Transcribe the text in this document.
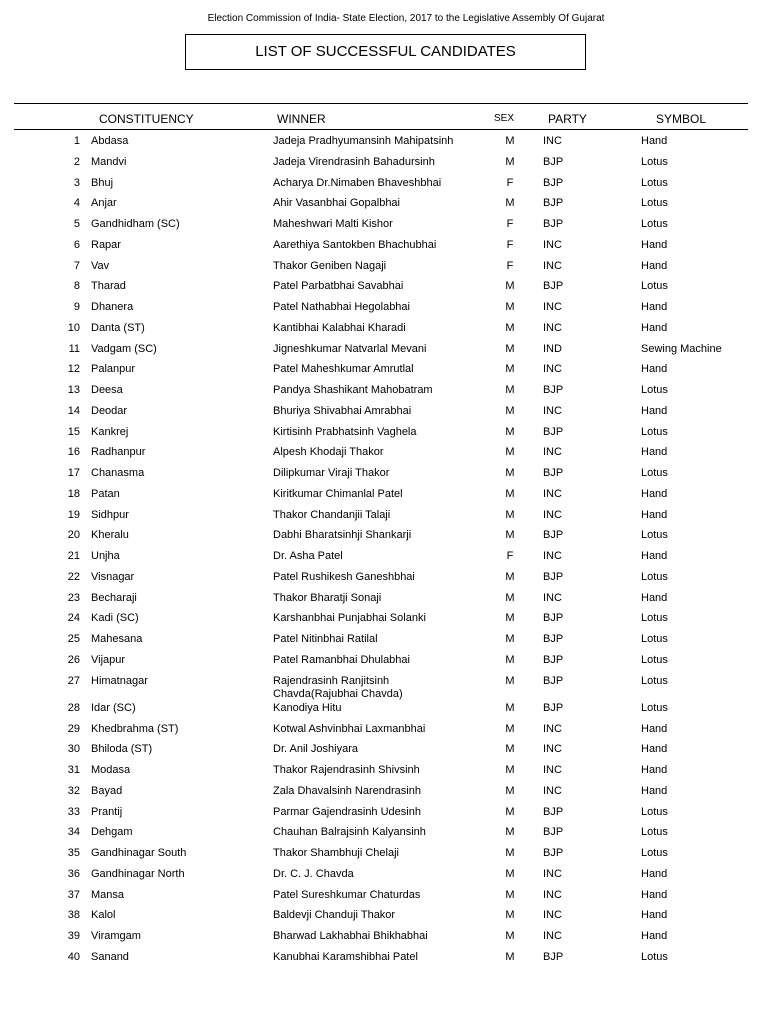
Election Commission of India- State Election, 2017 to the Legislative Assembly Of Gujarat
LIST OF SUCCESSFUL CANDIDATES
CONSTITUENCY	WINNER	SEX	PARTY	SYMBOL
1 Abdasa	Jadeja Pradhyumansinh Mahipatsinh	M	INC	Hand
2 Mandvi	Jadeja Virendrasinh Bahadursinh	M	BJP	Lotus
3 Bhuj	Acharya Dr.Nimaben Bhaveshbhai	F	BJP	Lotus
4 Anjar	Ahir Vasanbhai Gopalbhai	M	BJP	Lotus
5 Gandhidham (SC)	Maheshwari Malti Kishor	F	BJP	Lotus
6 Rapar	Aarethiya Santokben Bhachubhai	F	INC	Hand
7 Vav	Thakor Geniben Nagaji	F	INC	Hand
8 Tharad	Patel Parbatbhai Savabhai	M	BJP	Lotus
9 Dhanera	Patel Nathabhai Hegolabhai	M	INC	Hand
10 Danta (ST)	Kantibhai Kalabhai Kharadi	M	INC	Hand
11 Vadgam (SC)	Jigneshkumar Natvarlal Mevani	M	IND	Sewing Machine
12 Palanpur	Patel Maheshkumar Amrutlal	M	INC	Hand
13 Deesa	Pandya Shashikant Mahobatram	M	BJP	Lotus
14 Deodar	Bhuriya Shivabhai Amrabhai	M	INC	Hand
15 Kankrej	Kirtisinh Prabhatsinh Vaghela	M	BJP	Lotus
16 Radhanpur	Alpesh Khodaji Thakor	M	INC	Hand
17 Chanasma	Dilipkumar Viraji Thakor	M	BJP	Lotus
18 Patan	Kiritkumar Chimanlal Patel	M	INC	Hand
19 Sidhpur	Thakor Chandanjii Talaji	M	INC	Hand
20 Kheralu	Dabhi Bharatsinhji Shankarji	M	BJP	Lotus
21 Unjha	Dr. Asha Patel	F	INC	Hand
22 Visnagar	Patel Rushikesh Ganeshbhai	M	BJP	Lotus
23 Becharaji	Thakor Bharatji Sonaji	M	INC	Hand
24 Kadi (SC)	Karshanbhai Punjabhai Solanki	M	BJP	Lotus
25 Mahesana	Patel Nitinbhai Ratilal	M	BJP	Lotus
26 Vijapur	Patel Ramanbhai Dhulabhai	M	BJP	Lotus
27 Himatnagar	Rajendrasinh Ranjitsinh	M	BJP	Lotus
Chavda(Rajubhai Chavda)
28 Idar (SC)	Kanodiya Hitu	M	BJP	Lotus
29 Khedbrahma (ST)	Kotwal Ashvinbhai Laxmanbhai	M	INC	Hand
30 Bhiloda (ST)	Dr. Anil Joshiyara	M	INC	Hand
31 Modasa	Thakor Rajendrasinh Shivsinh	M	INC	Hand
32 Bayad	Zala Dhavalsinh Narendrasinh	M	INC	Hand
33 Prantij	Parmar Gajendrasinh Udesinh	M	BJP	Lotus
34 Dehgam	Chauhan Balrajsinh Kalyansinh	M	BJP	Lotus
35 Gandhinagar South	Thakor Shambhuji Chelaji	M	BJP	Lotus
36 Gandhinagar North	Dr. C. J. Chavda	M	INC	Hand
37 Mansa	Patel Sureshkumar Chaturdas	M	INC	Hand
38 Kalol	Baldevji Chanduji Thakor	M	INC	Hand
39 Viramgam	Bharwad Lakhabhai Bhikhabhai	M	INC	Hand
40 Sanand	Kanubhai Karamshibhai Patel	M	BJP	Lotus
